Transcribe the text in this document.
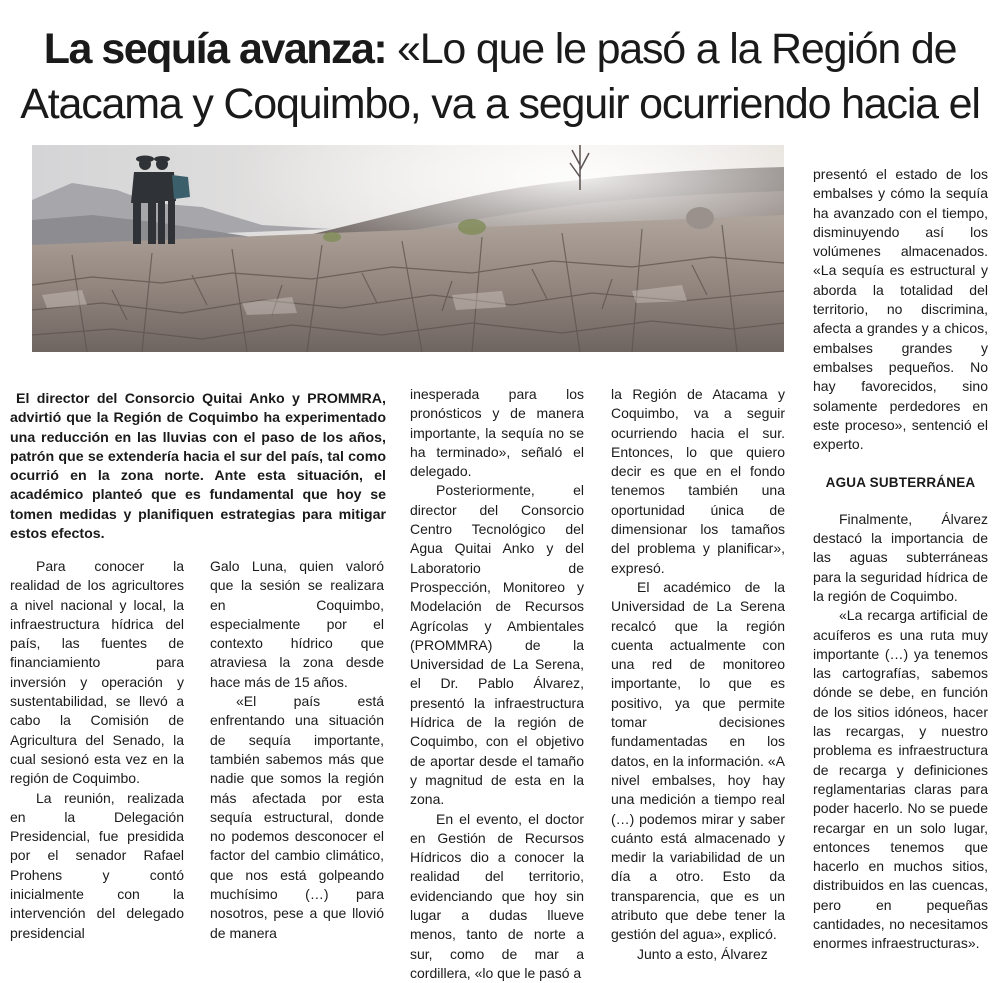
La sequía avanza: «Lo que le pasó a la Región de
Atacama y Coquimbo, va a seguir ocurriendo hacia el
El director del Consorcio Quitai Anko y PROMMRA, advirtió que la Región de Coquimbo ha experimentado una reducción en las lluvias con el paso de los años, patrón que se extendería hacia el sur del país, tal como ocurrió en la zona norte. Ante esta situación, el académico planteó que es fundamental que hoy se tomen medidas y planifiquen estrategias para mitigar estos efectos.

Para conocer la realidad de los agricultores a nivel nacional y local, la infraestructura hídrica del país, las fuentes de financiamiento para inversión y operación y sustentabilidad, se llevó a cabo la Comisión de Agricultura del Senado, la cual sesionó esta vez en la región de Coquimbo.

La reunión, realizada en la Delegación Presidencial, fue presidida por el senador Rafael Prohens y contó inicialmente con la intervención del delegado presidencial

Galo Luna, quien valoró que la sesión se realizara en Coquimbo, especialmente por el contexto hídrico que atraviesa la zona desde hace más de 15 años.

«El país está enfrentando una situación de sequía importante, también sabemos más que nadie que somos la región más afectada por esta sequía estructural, donde no podemos desconocer el factor del cambio climático, que nos está golpeando muchísimo (…) para nosotros, pese a que llovió de manera

inesperada para los pronósticos y de manera importante, la sequía no se ha terminado», señaló el delegado.

Posteriormente, el director del Consorcio Centro Tecnológico del Agua Quitai Anko y del Laboratorio de Prospección, Monitoreo y Modelación de Recursos Agrícolas y Ambientales (PROMMRA) de la Universidad de La Serena, el Dr. Pablo Álvarez, presentó la infraestructura Hídrica de la región de Coquimbo, con el objetivo de aportar desde el tamaño y magnitud de esta en la zona.

En el evento, el doctor en Gestión de Recursos Hídricos dio a conocer la realidad del territorio, evidenciando que hoy sin lugar a dudas llueve menos, tanto de norte a sur, como de mar a cordillera, «lo que le pasó a

la Región de Atacama y Coquimbo, va a seguir ocurriendo hacia el sur. Entonces, lo que quiero decir es que en el fondo tenemos también una oportunidad única de dimensionar los tamaños del problema y planificar», expresó.

El académico de la Universidad de La Serena recalcó que la región cuenta actualmente con una red de monitoreo importante, lo que es positivo, ya que permite tomar decisiones fundamentadas en los datos, en la información. «A nivel embalses, hoy hay una medición a tiempo real (…) podemos mirar y saber cuánto está almacenado y medir la variabilidad de un día a otro. Esto da transparencia, que es un atributo que debe tener la gestión del agua», explicó.

Junto a esto, Álvarez

presentó el estado de los embalses y cómo la sequía ha avanzado con el tiempo, disminuyendo así los volúmenes almacenados. «La sequía es estructural y aborda la totalidad del territorio, no discrimina, afecta a grandes y a chicos, embalses grandes y embalses pequeños. No hay favorecidos, sino solamente perdedores en este proceso», sentenció el experto.

AGUA SUBTERRÁNEA

Finalmente, Álvarez destacó la importancia de las aguas subterráneas para la seguridad hídrica de la región de Coquimbo.

«La recarga artificial de acuíferos es una ruta muy importante (…) ya tenemos las cartografías, sabemos dónde se debe, en función de los sitios idóneos, hacer las recargas, y nuestro problema es infraestructura de recarga y definiciones reglamentarias claras para poder hacerlo. No se puede recargar en un solo lugar, entonces tenemos que hacerlo en muchos sitios, distribuidos en las cuencas, pero en pequeñas cantidades, no necesitamos enormes infraestructuras».
